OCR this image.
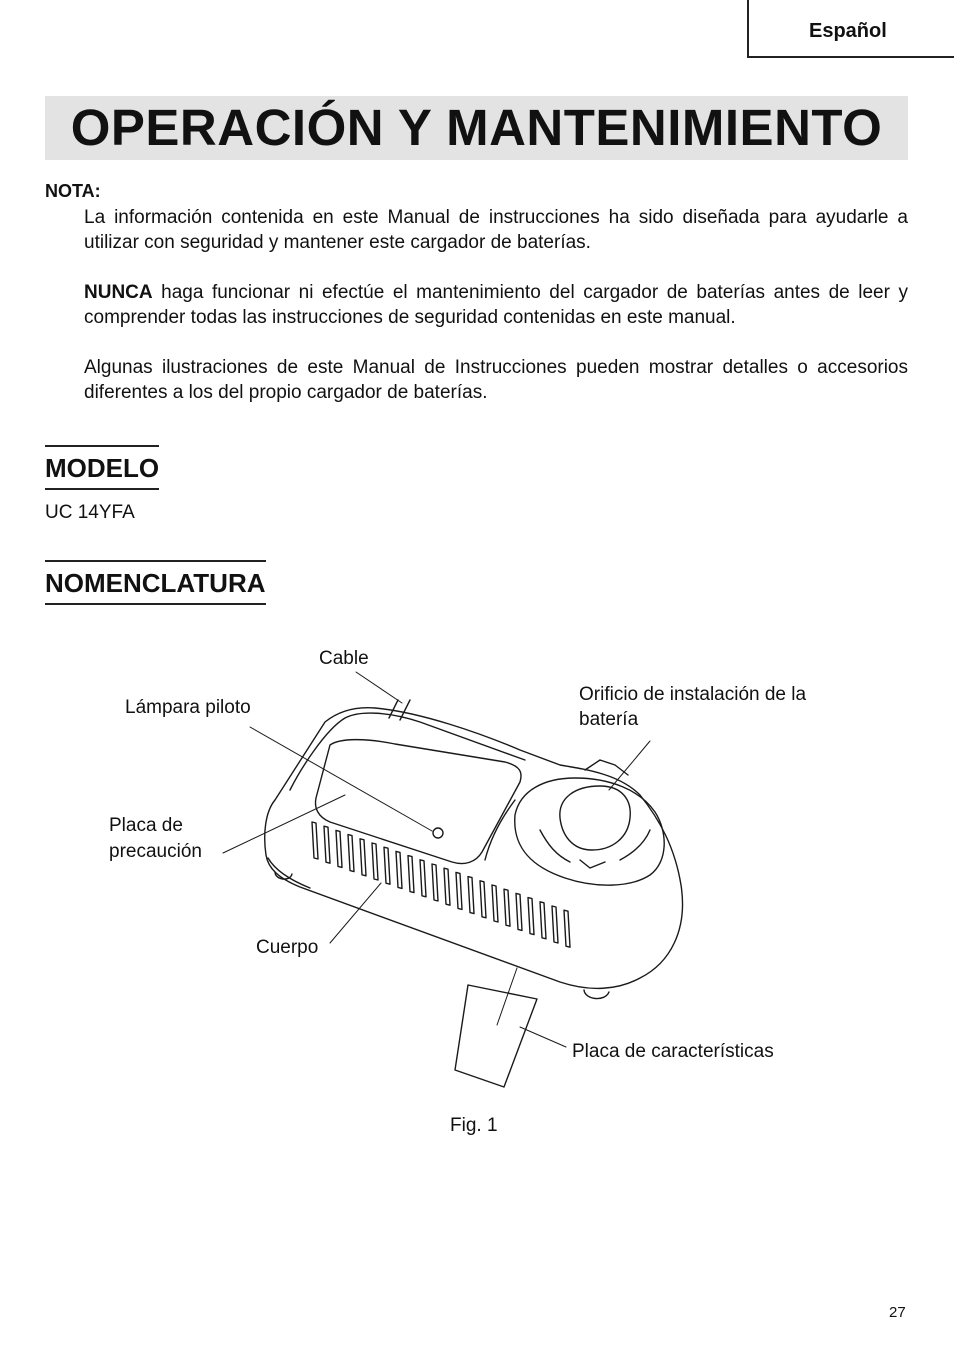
Español
OPERACIÓN Y MANTENIMIENTO
NOTA:

La información contenida en este Manual de instrucciones ha sido diseñada para ayudarle a utilizar con seguridad y mantener este cargador de baterías.

NUNCA haga funcionar ni efectúe el mantenimiento del cargador de baterías antes de leer y comprender todas las instrucciones de seguridad contenidas en este manual.

Algunas ilustraciones de este Manual de Instrucciones pueden mostrar detalles o accesorios diferentes a los del propio cargador de baterías.

MODELO
UC 14YFA
NOMENCLATURA
Cable
Lámpara piloto
Orificio de instalación de la
batería
Placa de
precaución
Cuerpo
Placa de características
Fig. 1
27
